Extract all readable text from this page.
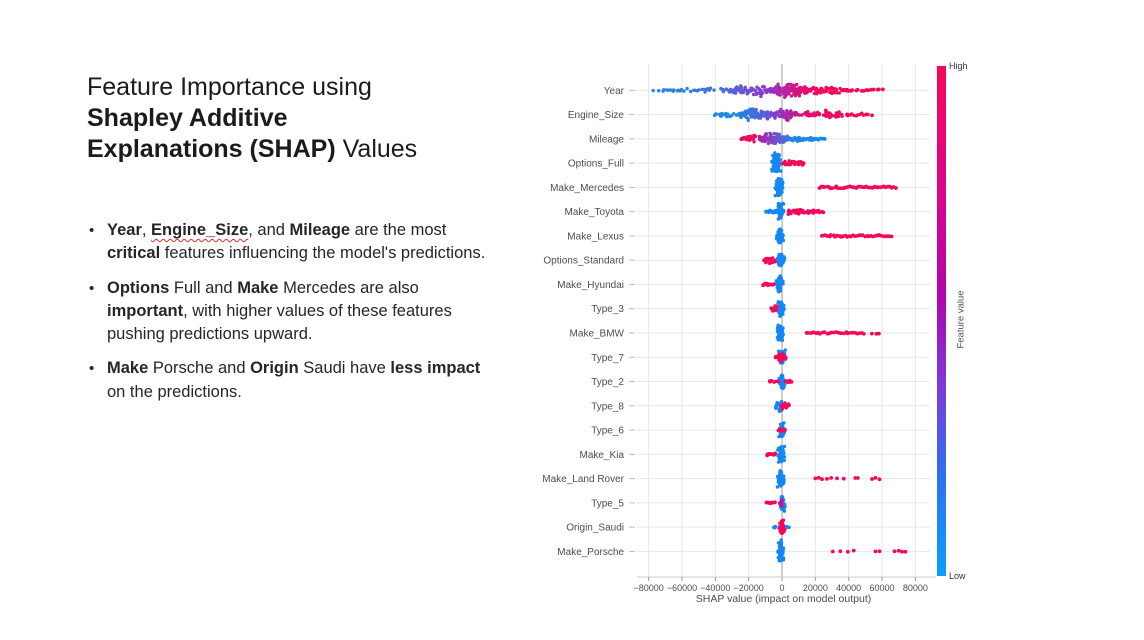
Feature Importance using
Shapley Additive
Explanations (SHAP) Values
• Year, Engine_Size, and Mileage are the most critical features influencing the model's predictions.
• Options Full and Make Mercedes are also important, with higher values of these features pushing predictions upward.
• Make Porsche and Origin Saudi have less impact on the predictions.
−80000 −60000 −40000 −20000 0 20000 40000 60000 80000
Year
Engine_Size
Mileage
Options_Full
Make_Mercedes
Make_Toyota
Make_Lexus
Options_Standard
Make_Hyundai
Type_3
Make_BMW
Type_7
Type_2
Type_8
Type_6
Make_Kia
Make_Land Rover
Type_5
Origin_Saudi
Make_Porsche
SHAP value (impact on model output)
High
Low
Feature value
